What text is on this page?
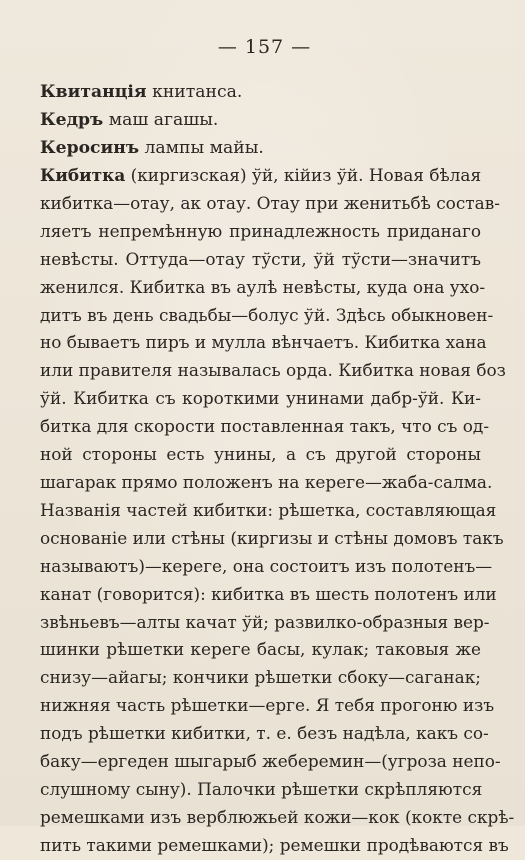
— 157 —

Квитанція книтанса.

Кедръ маш агашы.

Керосинъ лампы майы.

Кибитка (киргизская) ўй, кійиз ўй. Новая бѣлая
кибитка—отау, ак отау. Отау при женитьбѣ состав-
ляетъ непремѣнную принадлежность приданаго
невѣсты. Оттуда—отау тўсти, ўй тўсти—значитъ
женился. Кибитка въ аулѣ невѣсты, куда она ухо-
дитъ въ день свадьбы—болус ўй. Здѣсь обыкновен-
но бываетъ пиръ и мулла вѣнчаетъ. Кибитка хана
или правителя называлась орда. Кибитка новая боз
ўй. Кибитка съ короткими унинами дабр-ўй. Ки-
битка для скорости поставленная такъ, что съ од-
ной стороны есть унины, а съ другой стороны
шагарак прямо положенъ на кереге—жаба-салма.
Названія частей кибитки: рѣшетка, составляющая
основаніе или стѣны (киргизы и стѣны домовъ такъ
называютъ)—кереге, она состоитъ изъ полотенъ—
канат (говорится): кибитка въ шесть полотенъ или
звѣньевъ—алты качат ўй; развилко-образныя вер-
шинки рѣшетки кереге басы, кулак; таковыя же
снизу—айагы; кончики рѣшетки сбоку—саганак;
нижняя часть рѣшетки—ерге. Я тебя прогоню изъ
подъ рѣшетки кибитки, т. е. безъ надѣла, какъ со-
баку—ергеден шыгарыб жеберемин—(угроза непо-
слушному сыну). Палочки рѣшетки скрѣпляются
ремешками изъ верблюжьей кожи—кок (кокте скрѣ-
пить такими ремешками); ремешки продѣваются въ
